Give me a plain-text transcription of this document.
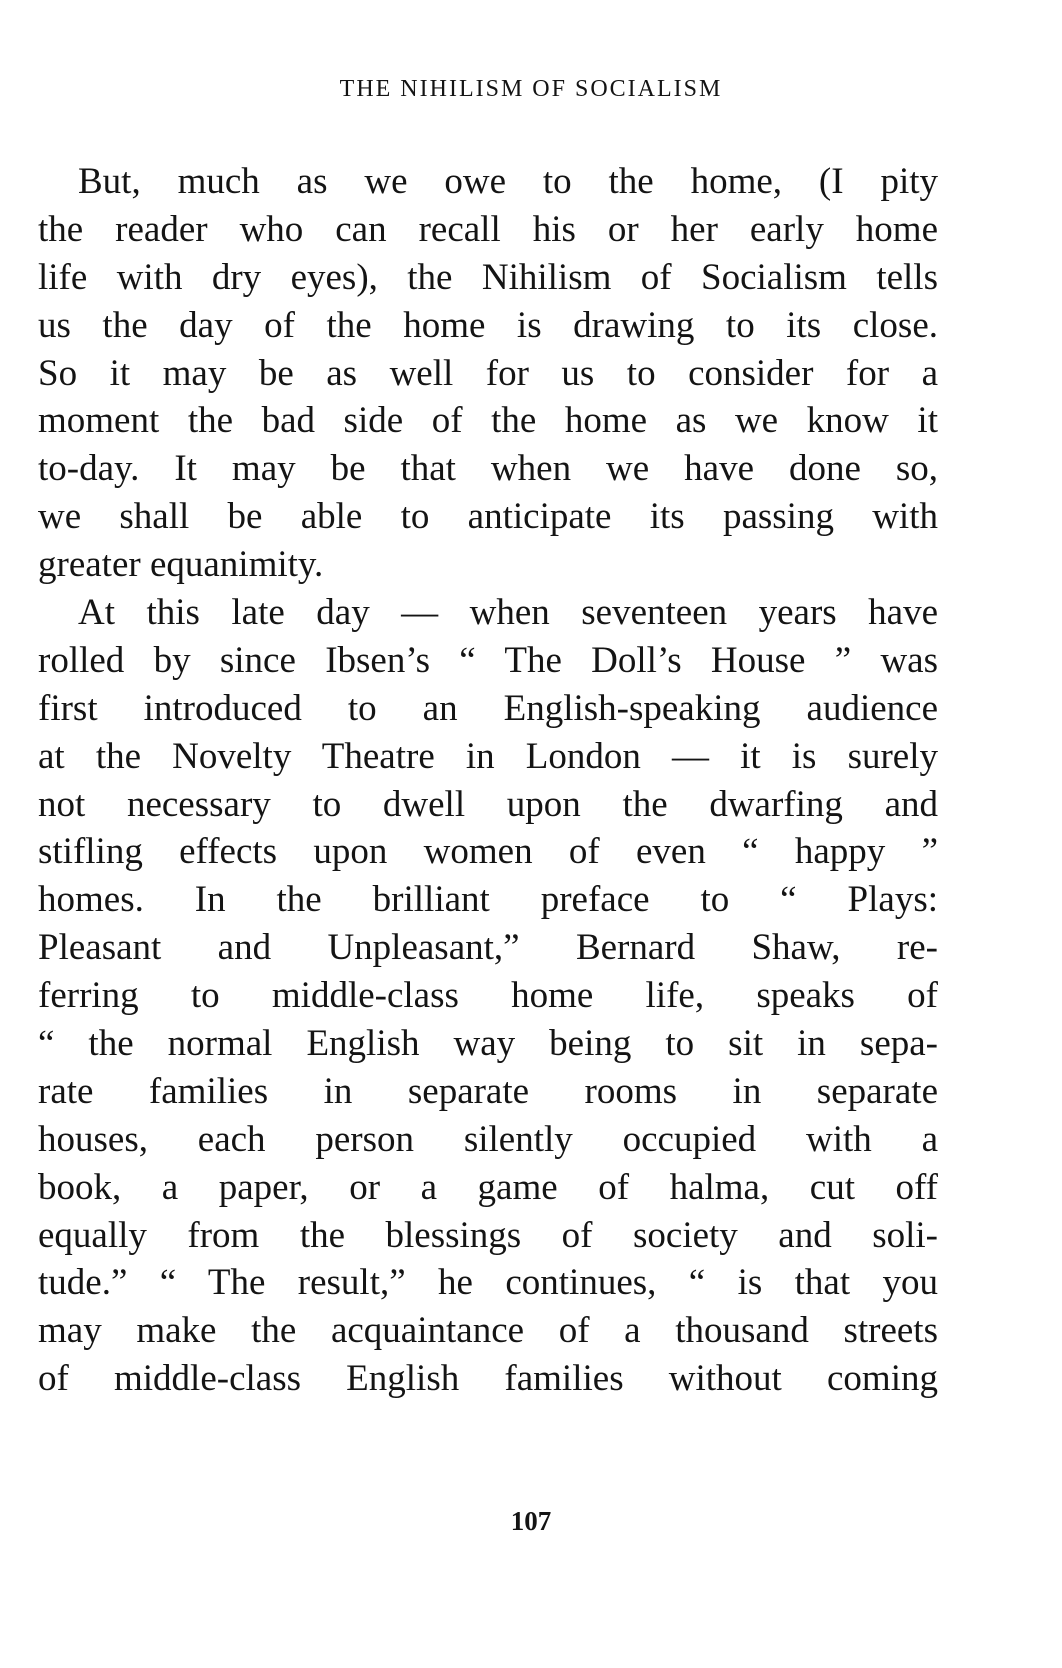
THE NIHILISM OF SOCIALISM
But, much as we owe to the home, (I pity
the reader who can recall his or her early home
life with dry eyes), the Nihilism of Socialism tells
us the day of the home is drawing to its close.
So it may be as well for us to consider for a
moment the bad side of the home as we know it
to-day. It may be that when we have done so,
we shall be able to anticipate its passing with
greater equanimity.
At this late day — when seventeen years have
rolled by since Ibsen’s “ The Doll’s House ” was
first introduced to an English-speaking audience
at the Novelty Theatre in London — it is surely
not necessary to dwell upon the dwarfing and
stifling effects upon women of even “ happy ”
homes. In the brilliant preface to “ Plays:
Pleasant and Unpleasant,” Bernard Shaw, re-
ferring to middle-class home life, speaks of
“ the normal English way being to sit in sepa-
rate families in separate rooms in separate
houses, each person silently occupied with a
book, a paper, or a game of halma, cut off
equally from the blessings of society and soli-
tude.” “ The result,” he continues, “ is that you
may make the acquaintance of a thousand streets
of middle-class English families without coming
107
